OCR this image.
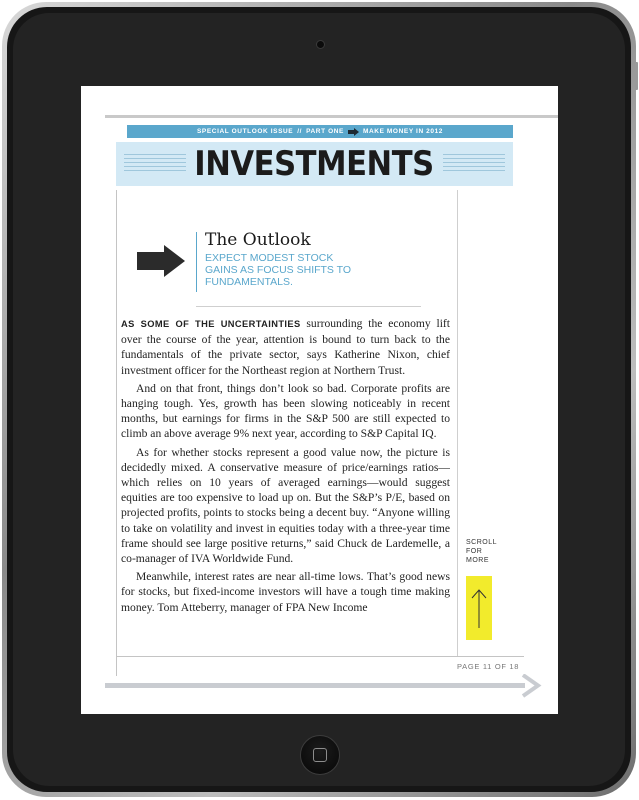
SPECIAL OUTLOOK ISSUE // PART ONE	MAKE MONEY IN 2012
INVESTMENTS
The Outlook
EXPECT MODEST STOCK GAINS AS FOCUS SHIFTS TO FUNDAMENTALS.

AS SOME OF THE UNCERTAINTIES surrounding the economy lift over the course of the year, attention is bound to turn back to the fundamentals of the private sector, says Katherine Nixon, chief investment officer for the Northeast region at Northern Trust.

And on that front, things don’t look so bad. Corporate profits are hanging tough. Yes, growth has been slowing noticeably in recent months, but earnings for firms in the S&P 500 are still expected to climb an above average 9% next year, according to S&P Capital IQ.

As for whether stocks represent a good value now, the picture is decidedly mixed. A conservative measure of price/earnings ratios—which relies on 10 years of averaged earnings—would suggest equities are too expensive to load up on. But the S&P’s P/E, based on projected profits, points to stocks being a decent buy. “Anyone willing to take on volatility and invest in equities today with a three-year time frame should see large positive returns,” said Chuck de Lardemelle, a co-manager of IVA Worldwide Fund.

Meanwhile, interest rates are near all-time lows. That’s good news for stocks, but fixed-income investors will have a tough time making money. Tom Atteberry, manager of FPA New Income

SCROLL
FOR
MORE
PAGE 11 OF 18
